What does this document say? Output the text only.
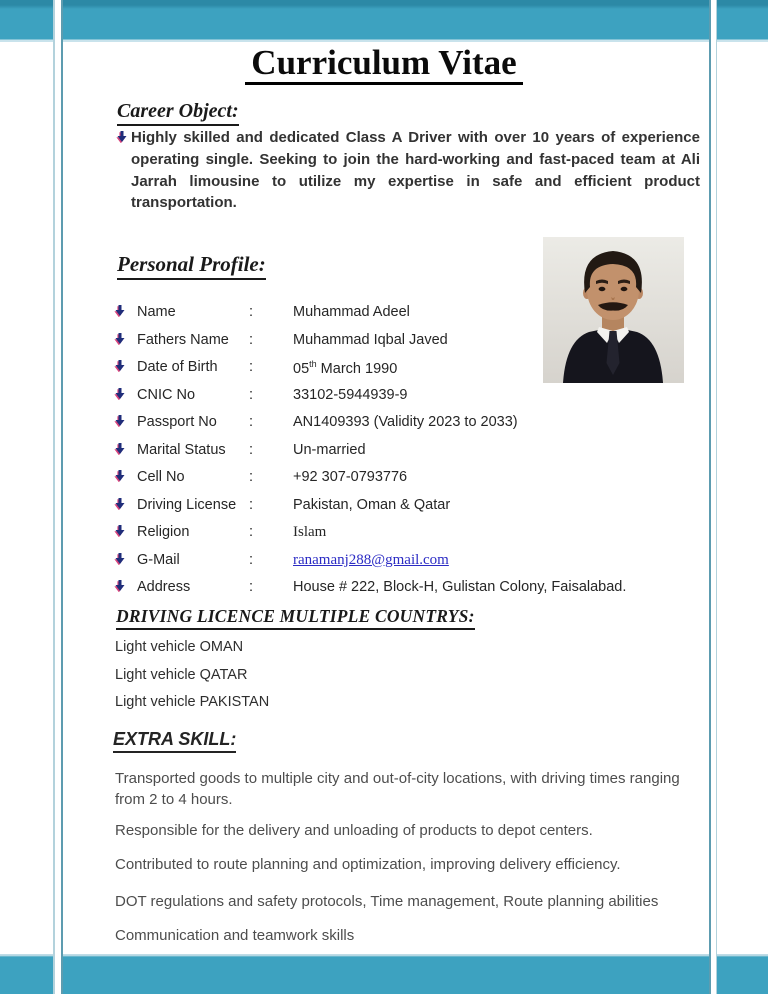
Curriculum Vitae
Career Object:

Highly skilled and dedicated Class A Driver with over 10 years of experience operating single. Seeking to join the hard-working and fast-paced team at Ali Jarrah limousine to utilize my expertise in safe and efficient product transportation.

Personal Profile:
Name	:	Muhammad Adeel
Fathers Name :	Muhammad Iqbal Javed
Date of Birth :	05th March 1990
CNIC No	:	33102-5944939-9
Passport No :	AN1409393 (Validity 2023 to 2033)
Marital Status :	Un-married
Cell No	:	+92 307-0793776
Driving License :	Pakistan, Oman & Qatar
Religion	:	Islam
G-Mail	:	ranamanj288@gmail.com
Address	:	House # 222, Block-H, Gulistan Colony, Faisalabad.
DRIVING LICENCE MULTIPLE COUNTRYS:
Light vehicle OMAN
Light vehicle QATAR
Light vehicle PAKISTAN
EXTRA SKILL:

Transported goods to multiple city and out-of-city locations, with driving times ranging from 2 to 4 hours.

Responsible for the delivery and unloading of products to depot centers.

Contributed to route planning and optimization, improving delivery efficiency.

DOT regulations and safety protocols, Time management, Route planning abilities

Communication and teamwork skills
